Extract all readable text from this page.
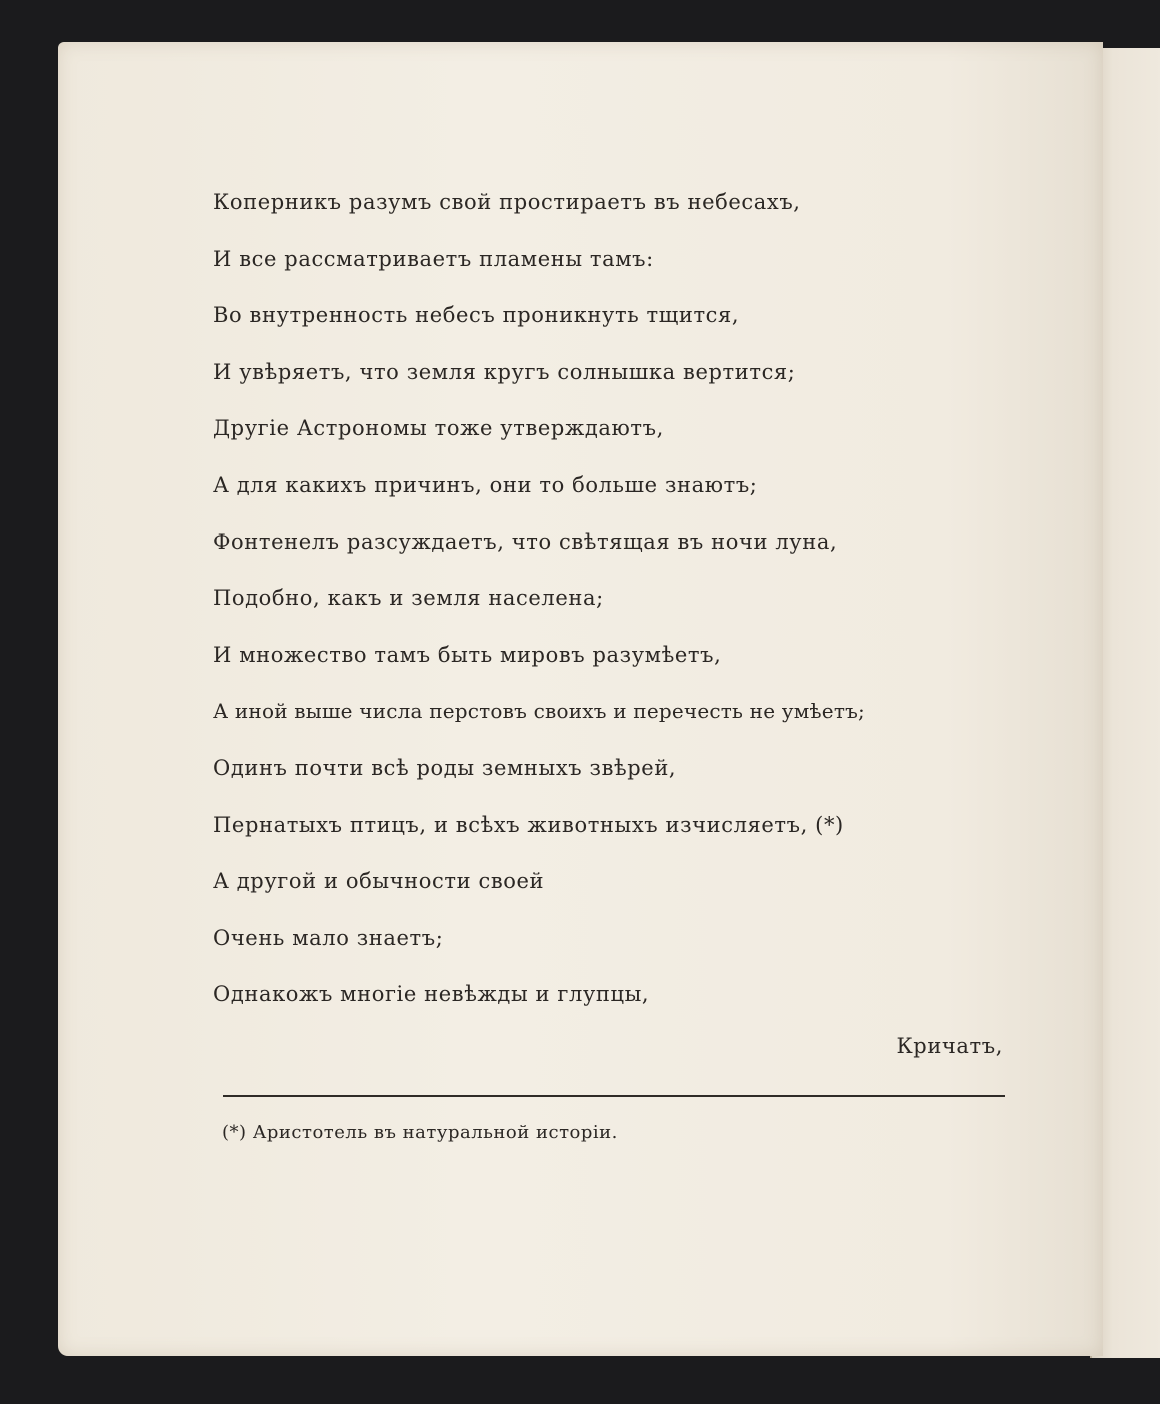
Коперникъ разумъ свой простираетъ въ небесахъ,
И все рассматриваетъ пламены тамъ:
Во внутренность небесъ проникнуть тщится,
И увѣряетъ, что земля кругъ солнышка вертится;
Другiе Астрономы тоже утверждаютъ,
А для какихъ причинъ, они то больше знаютъ;
Фонтенелъ разсуждаетъ, что свѣтящая въ ночи луна,
Подобно, какъ и земля населена;
И множество тамъ быть мировъ разумѣетъ,
А иной выше числа перстовъ своихъ и перечесть не умѣетъ;
Одинъ почти всѣ роды земныхъ звѣрей,
Пернатыхъ птицъ, и всѣхъ животныхъ изчисляетъ, (*)
А другой и обычности своей
Очень мало знаетъ;
Однакожъ многiе невѣжды и глупцы,
Кричатъ,
(*) Аристотель въ натуральной исторiи.
